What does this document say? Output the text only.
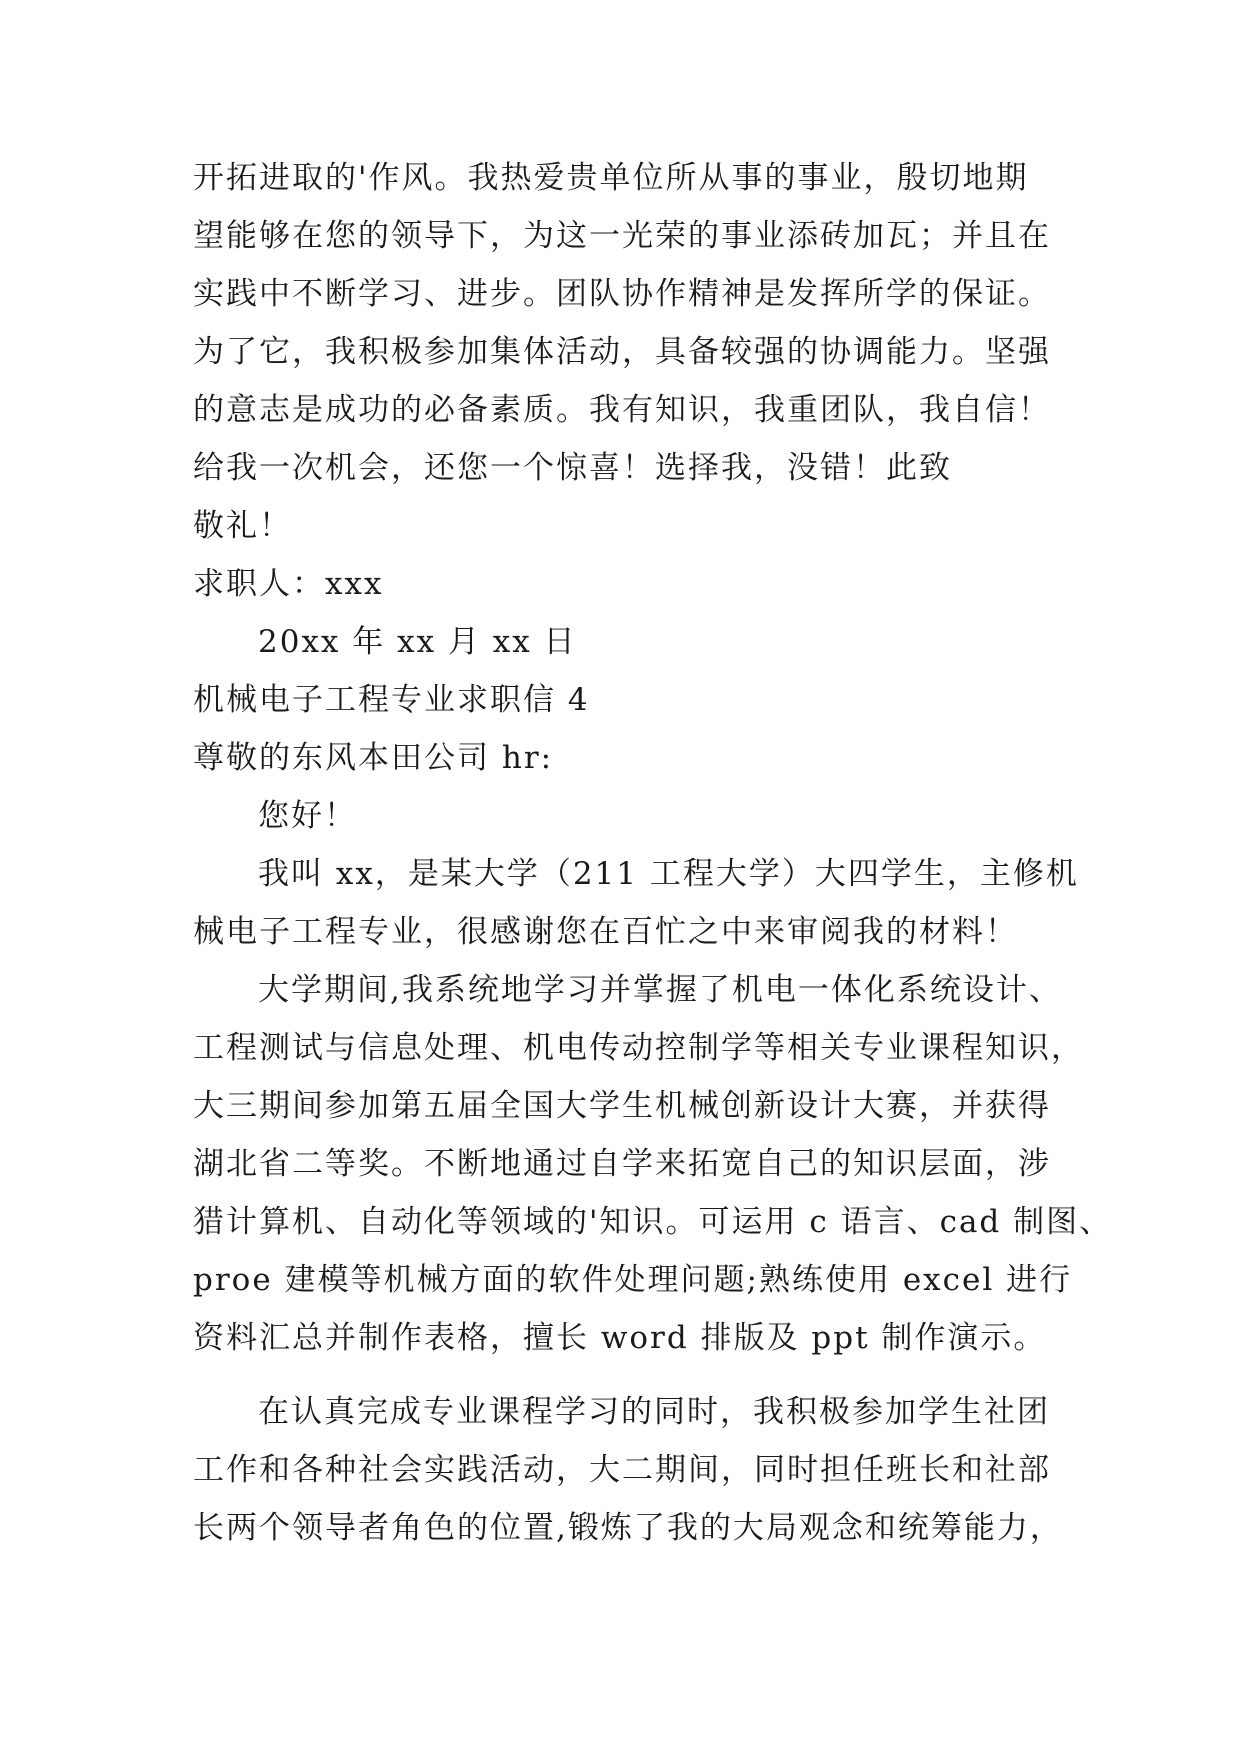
开拓进取的'作风。我热爱贵单位所从事的事业，殷切地期
望能够在您的领导下，为这一光荣的事业添砖加瓦；并且在
实践中不断学习、进步。团队协作精神是发挥所学的保证。
为了它，我积极参加集体活动，具备较强的协调能力。坚强
的意志是成功的必备素质。我有知识，我重团队，我自信！
给我一次机会，还您一个惊喜！选择我，没错！此致
敬礼！
求职人：xxx
20xx 年 xx 月 xx 日
机械电子工程专业求职信 4
尊敬的东风本田公司 hr:
您好！
我叫 xx，是某大学（211 工程大学）大四学生，主修机
械电子工程专业，很感谢您在百忙之中来审阅我的材料！
大学期间,我系统地学习并掌握了机电一体化系统设计、
工程测试与信息处理、机电传动控制学等相关专业课程知识，
大三期间参加第五届全国大学生机械创新设计大赛，并获得
湖北省二等奖。不断地通过自学来拓宽自己的知识层面，涉
猎计算机、自动化等领域的'知识。可运用 c 语言、cad 制图、
proe 建模等机械方面的软件处理问题;熟练使用 excel 进行
资料汇总并制作表格，擅长 word 排版及 ppt 制作演示。
在认真完成专业课程学习的同时，我积极参加学生社团
工作和各种社会实践活动，大二期间，同时担任班长和社部
长两个领导者角色的位置,锻炼了我的大局观念和统筹能力，
